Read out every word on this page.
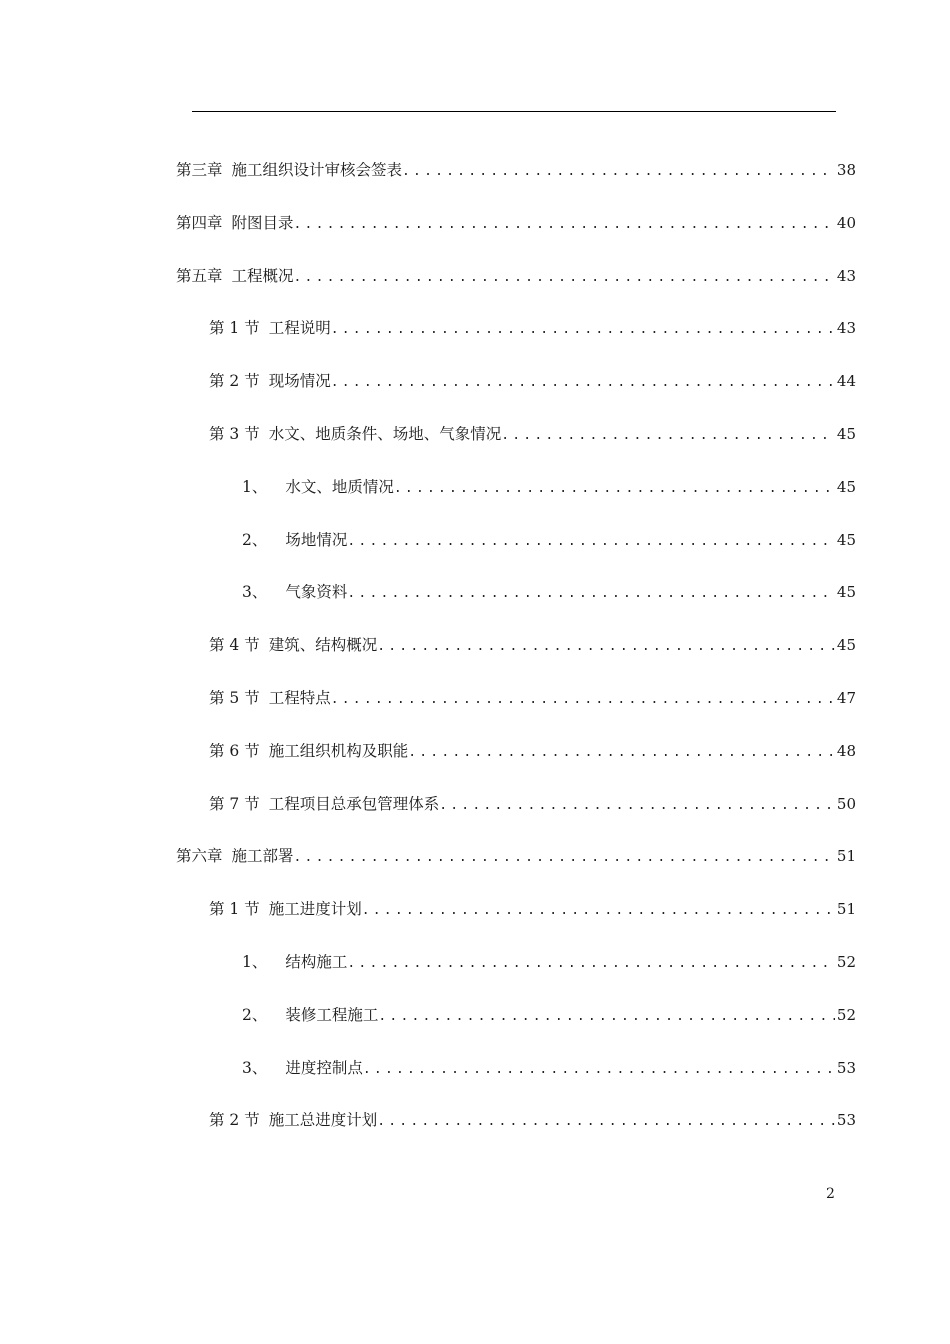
第三章 施工组织设计审核会签表 .....	38
第四章 附图目录 .....	40
第五章 工程概况 .....	43
第 1 节 工程说明 .....	43
第 2 节 现场情况 .....	44
第 3 节 水文、地质条件、场地、气象情况 .....	45
1、	水文、地质情况 .....	45
2、	场地情况 .....	45
3、	气象资料 .....	45
第 4 节 建筑、结构概况 .....	45
第 5 节 工程特点 .....	47
第 6 节 施工组织机构及职能 .....	48
第 7 节 工程项目总承包管理体系 .....	50
第六章 施工部署 .....	51
第 1 节 施工进度计划 .....	51
1、	结构施工 .....	52
2、	装修工程施工 .....	52
3、	进度控制点 .....	53
第 2 节 施工总进度计划 .....	53
2
